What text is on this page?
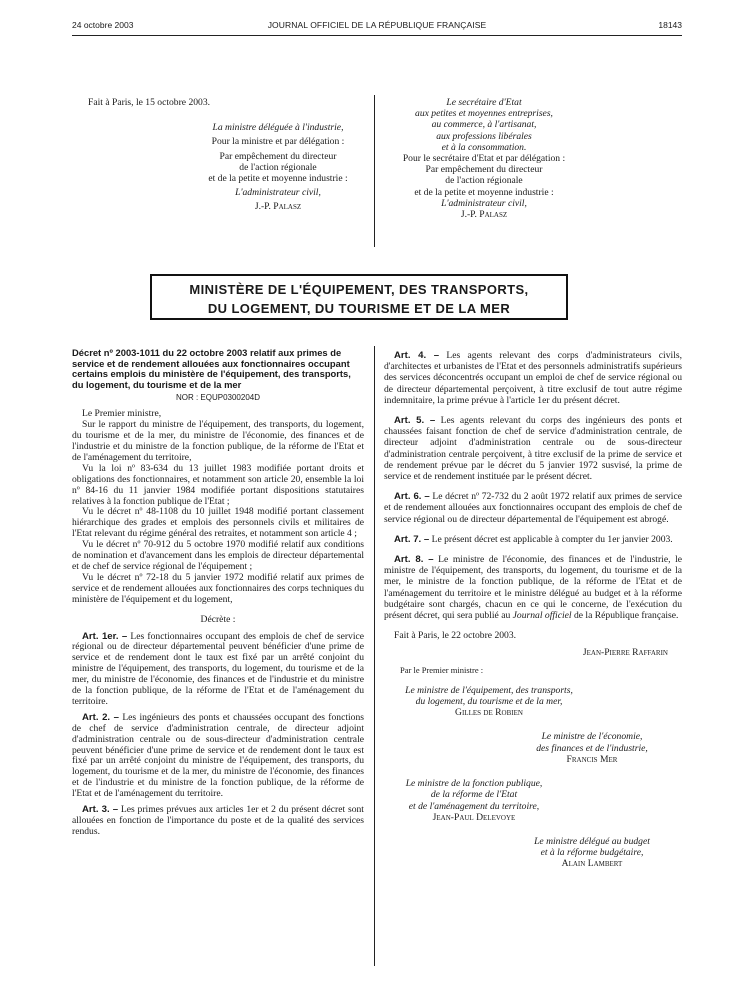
24 octobre 2003	JOURNAL OFFICIEL DE LA RÉPUBLIQUE FRANÇAISE	18143

Fait à Paris, le 15 octobre 2003.

La ministre déléguée à l'industrie,

Pour la ministre et par délégation :

Par empêchement du directeur

de l'action régionale

et de la petite et moyenne industrie :

L'administrateur civil,

J.-P. Palasz

Le secrétaire d'Etat

aux petites et moyennes entreprises,

au commerce, à l'artisanat,

aux professions libérales

et à la consommation.

Pour le secrétaire d'Etat et par délégation :

Par empêchement du directeur

de l'action régionale

et de la petite et moyenne industrie :

L'administrateur civil,

J.-P. Palasz

MINISTÈRE DE L'ÉQUIPEMENT, DES TRANSPORTS,
DU LOGEMENT, DU TOURISME ET DE LA MER

Décret nº 2003-1011 du 22 octobre 2003 relatif aux primes de service et de rendement allouées aux fonctionnaires occupant certains emplois du ministère de l'équipement, des transports, du logement, du tourisme et de la mer

NOR : EQUP0300204D

Le Premier ministre,

Sur le rapport du ministre de l'équipement, des transports, du logement, du tourisme et de la mer, du ministre de l'économie, des finances et de l'industrie et du ministre de la fonction publique, de la réforme de l'Etat et de l'aménagement du territoire,

Vu la loi nº 83-634 du 13 juillet 1983 modifiée portant droits et obligations des fonctionnaires, et notamment son article 20, ensemble la loi nº 84-16 du 11 janvier 1984 modifiée portant dispositions statutaires relatives à la fonction publique de l'Etat ;

Vu le décret nº 48-1108 du 10 juillet 1948 modifié portant classement hiérarchique des grades et emplois des personnels civils et militaires de l'Etat relevant du régime général des retraites, et notamment son article 4 ;

Vu le décret nº 70-912 du 5 octobre 1970 modifié relatif aux conditions de nomination et d'avancement dans les emplois de directeur départemental et de chef de service régional de l'équipement ;

Vu le décret nº 72-18 du 5 janvier 1972 modifié relatif aux primes de service et de rendement allouées aux fonctionnaires des corps techniques du ministère de l'équipement et du logement,

Décrète :

Art. 1er. – Les fonctionnaires occupant des emplois de chef de service régional ou de directeur départemental peuvent bénéficier d'une prime de service et de rendement dont le taux est fixé par un arrêté conjoint du ministre de l'équipement, des transports, du logement, du tourisme et de la mer, du ministre de l'économie, des finances et de l'industrie et du ministre de la fonction publique, de la réforme de l'Etat et de l'aménagement du territoire.

Art. 2. – Les ingénieurs des ponts et chaussées occupant des fonctions de chef de service d'administration centrale, de directeur adjoint d'administration centrale ou de sous-directeur d'administration centrale peuvent bénéficier d'une prime de service et de rendement dont le taux est fixé par un arrêté conjoint du ministre de l'équipement, des transports, du logement, du tourisme et de la mer, du ministre de l'économie, des finances et de l'industrie et du ministre de la fonction publique, de la réforme de l'Etat et de l'aménagement du territoire.

Art. 3. – Les primes prévues aux articles 1er et 2 du présent décret sont allouées en fonction de l'importance du poste et de la qualité des services rendus.

Art. 4. – Les agents relevant des corps d'administrateurs civils, d'architectes et urbanistes de l'Etat et des personnels administratifs supérieurs des services déconcentrés occupant un emploi de chef de service régional ou de directeur départemental perçoivent, à titre exclusif de tout autre régime indemnitaire, la prime prévue à l'article 1er du présent décret.

Art. 5. – Les agents relevant du corps des ingénieurs des ponts et chaussées faisant fonction de chef de service d'administration centrale, de directeur adjoint d'administration centrale ou de sous-directeur d'administration centrale perçoivent, à titre exclusif de la prime de service et de rendement prévue par le décret du 5 janvier 1972 susvisé, la prime de service et de rendement instituée par le présent décret.

Art. 6. – Le décret nº 72-732 du 2 août 1972 relatif aux primes de service et de rendement allouées aux fonctionnaires occupant des emplois de chef de service régional ou de directeur départemental de l'équipement est abrogé.

Art. 7. – Le présent décret est applicable à compter du 1er janvier 2003.

Art. 8. – Le ministre de l'économie, des finances et de l'industrie, le ministre de l'équipement, des transports, du logement, du tourisme et de la mer, le ministre de la fonction publique, de la réforme de l'Etat et de l'aménagement du territoire et le ministre délégué au budget et à la réforme budgétaire sont chargés, chacun en ce qui le concerne, de l'exécution du présent décret, qui sera publié au Journal officiel de la République française.

Fait à Paris, le 22 octobre 2003.

Jean-Pierre Raffarin

Par le Premier ministre :

Le ministre de l'équipement, des transports,

du logement, du tourisme et de la mer,

Gilles de Robien

Le ministre de l'économie,

des finances et de l'industrie,

Francis Mer

Le ministre de la fonction publique,

de la réforme de l'Etat

et de l'aménagement du territoire,

Jean-Paul Delevoye

Le ministre délégué au budget

et à la réforme budgétaire,

Alain Lambert
